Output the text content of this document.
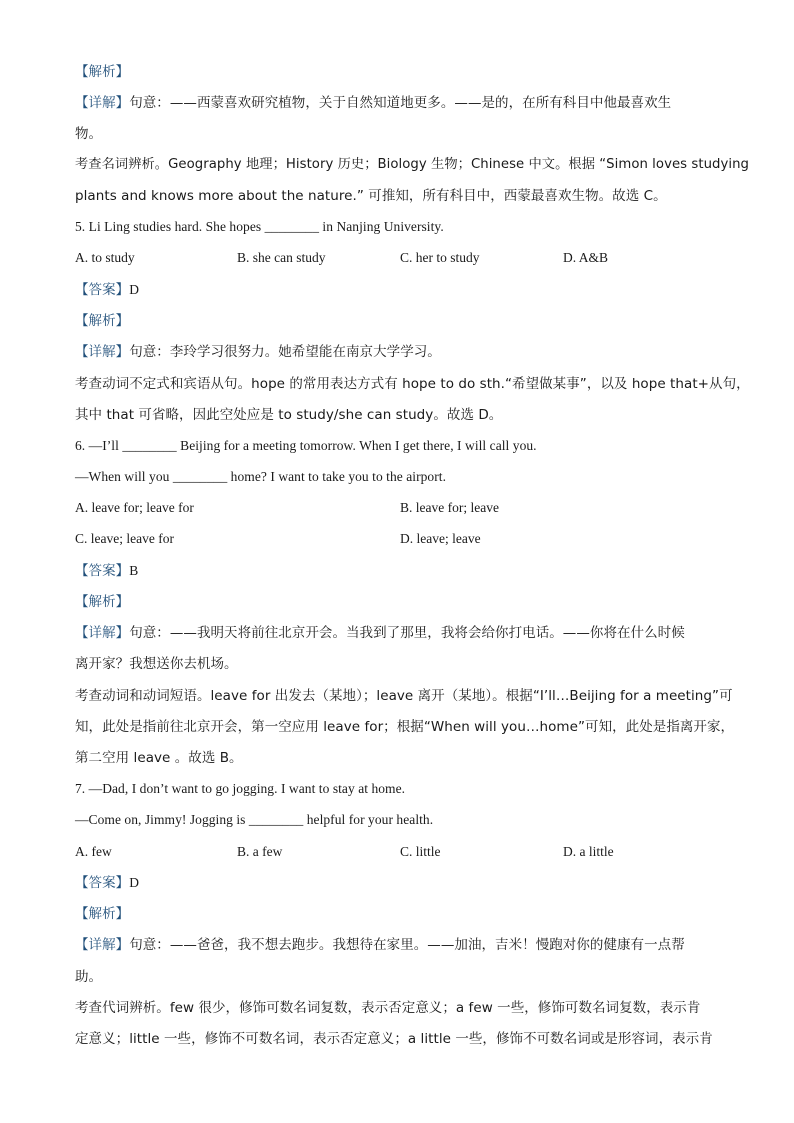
【解析】
【详解】句意：——西蒙喜欢研究植物，关于自然知道地更多。——是的，在所有科目中他最喜欢生
物。
考查名词辨析。Geography 地理；History 历史；Biology 生物；Chinese 中文。根据 “Simon loves studying
plants and knows more about the nature.” 可推知，所有科目中，西蒙最喜欢生物。故选 C。
5. Li Ling studies hard. She hopes ________ in Nanjing University.
A. to study	B. she can study	C. her to study	D. A&B
【答案】D
【解析】
【详解】句意：李玲学习很努力。她希望能在南京大学学习。
考查动词不定式和宾语从句。hope 的常用表达方式有 hope to do sth.“希望做某事”，以及 hope that+从句，
其中 that 可省略，因此空处应是 to study/she can study。故选 D。
6. —I’ll ________ Beijing for a meeting tomorrow. When I get there, I will call you.
—When will you ________ home? I want to take you to the airport.
A. leave for; leave for	B. leave for; leave
C. leave; leave for	D. leave; leave
【答案】B
【解析】
【详解】句意：——我明天将前往北京开会。当我到了那里，我将会给你打电话。——你将在什么时候
离开家？我想送你去机场。
考查动词和动词短语。leave for 出发去（某地）；leave 离开（某地）。根据“I’ll…Beijing for a meeting”可
知，此处是指前往北京开会，第一空应用 leave for；根据“When will you…home”可知，此处是指离开家，
第二空用 leave 。故选 B。
7. —Dad, I don’t want to go jogging. I want to stay at home.
—Come on, Jimmy! Jogging is ________ helpful for your health.
A. few	B. a few	C. little	D. a little
【答案】D
【解析】
【详解】句意：——爸爸，我不想去跑步。我想待在家里。——加油，吉米！慢跑对你的健康有一点帮
助。
考查代词辨析。few 很少，修饰可数名词复数，表示否定意义；a few 一些，修饰可数名词复数，表示肯
定意义；little 一些，修饰不可数名词，表示否定意义；a little 一些，修饰不可数名词或是形容词，表示肯
